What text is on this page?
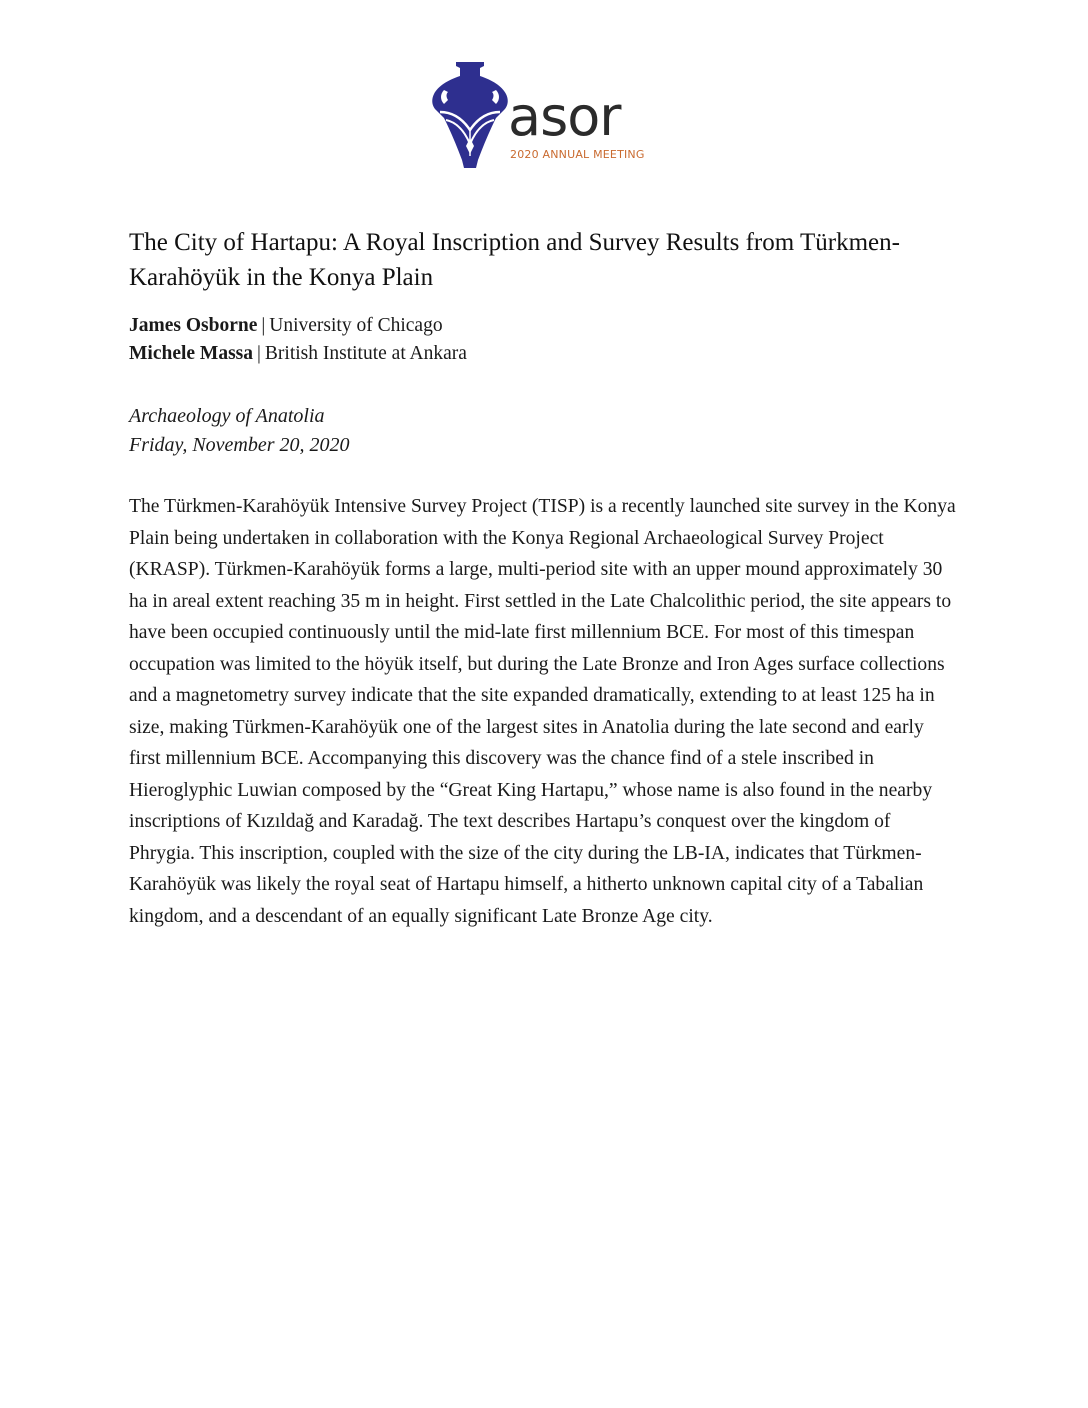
asor
2020 ANNUAL MEETING
The City of Hartapu: A Royal Inscription and Survey Results from Türkmen-Karahöyük in the Konya Plain
James Osborne | University of Chicago
Michele Massa | British Institute at Ankara
Archaeology of Anatolia
Friday, November 20, 2020

The Türkmen-Karahöyük Intensive Survey Project (TISP) is a recently launched site survey in the Konya Plain being undertaken in collaboration with the Konya Regional Archaeological Survey Project (KRASP). Türkmen-Karahöyük forms a large, multi-period site with an upper mound approximately 30 ha in areal extent reaching 35 m in height. First settled in the Late Chalcolithic period, the site appears to have been occupied continuously until the mid-late first millennium BCE. For most of this timespan occupation was limited to the höyük itself, but during the Late Bronze and Iron Ages surface collections and a magnetometry survey indicate that the site expanded dramatically, extending to at least 125 ha in size, making Türkmen-Karahöyük one of the largest sites in Anatolia during the late second and early first millennium BCE. Accompanying this discovery was the chance find of a stele inscribed in Hieroglyphic Luwian composed by the “Great King Hartapu,” whose name is also found in the nearby inscriptions of Kızıldağ and Karadağ. The text describes Hartapu’s conquest over the kingdom of Phrygia. This inscription, coupled with the size of the city during the LB-IA, indicates that Türkmen-Karahöyük was likely the royal seat of Hartapu himself, a hitherto unknown capital city of a Tabalian kingdom, and a descendant of an equally significant Late Bronze Age city.
